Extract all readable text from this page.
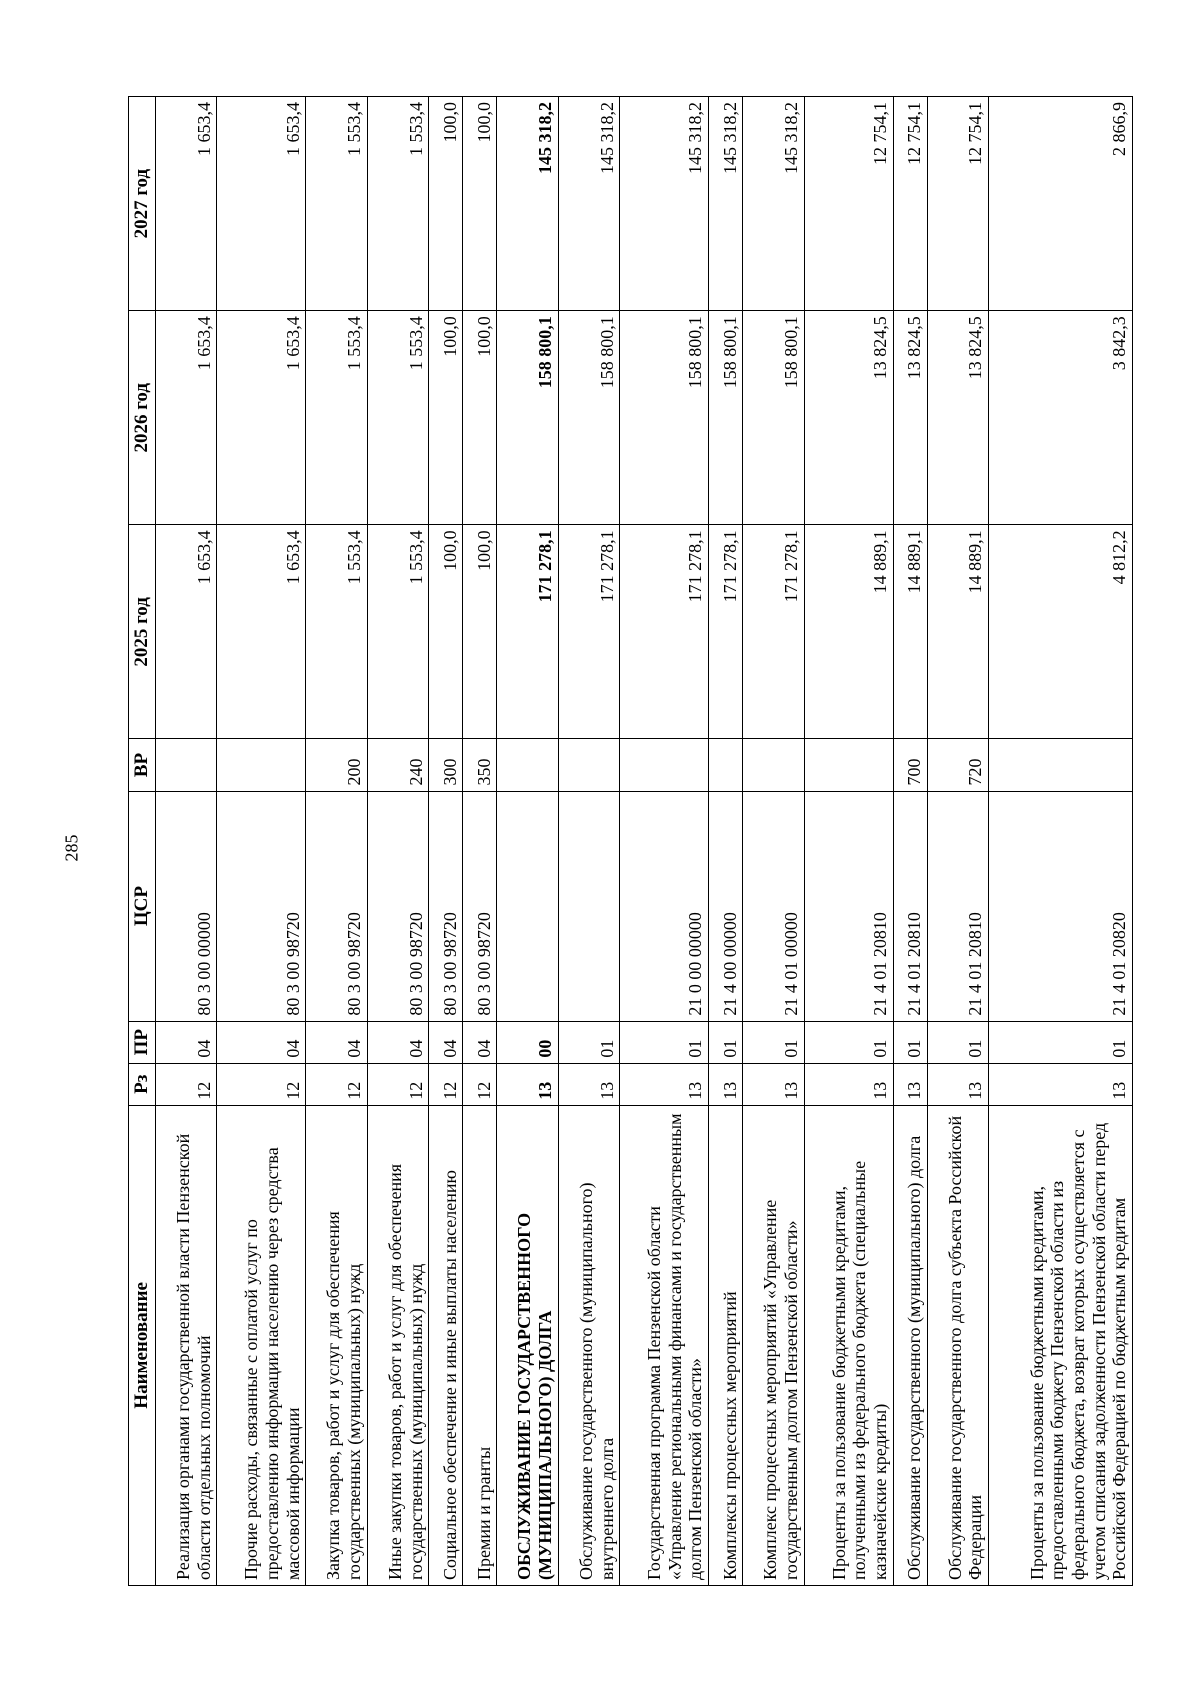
285
Наименование	Рз	ПР	ЦСР	ВР	2025 год	2026 год	2027 год
Реализация органами государственной власти Пензенской области отдельных полномочий	12	04	80 3 00 00000		1 653,4	1 653,4	1 653,4
Прочие расходы, связанные с оплатой услуг по предоставлению информации населению через средства массовой информации	12	04	80 3 00 98720		1 653,4	1 653,4	1 653,4
Закупка товаров, работ и услуг для обеспечения государственных (муниципальных) нужд	12	04	80 3 00 98720	200	1 553,4	1 553,4	1 553,4
Иные закупки товаров, работ и услуг для обеспечения государственных (муниципальных) нужд	12	04	80 3 00 98720	240	1 553,4	1 553,4	1 553,4
Социальное обеспечение и иные выплаты населению	12	04	80 3 00 98720	300	100,0	100,0	100,0
Премии и гранты	12	04	80 3 00 98720	350	100,0	100,0	100,0
ОБСЛУЖИВАНИЕ ГОСУДАРСТВЕННОГО (МУНИЦИПАЛЬНОГО) ДОЛГА	13	00			171 278,1	158 800,1	145 318,2
Обслуживание государственного (муниципального) внутреннего долга	13	01			171 278,1	158 800,1	145 318,2
Государственная программа Пензенской области «Управление региональными финансами и государственным долгом Пензенской области»	13	01	21 0 00 00000		171 278,1	158 800,1	145 318,2
Комплексы процессных мероприятий	13	01	21 4 00 00000		171 278,1	158 800,1	145 318,2
Комплекс процессных мероприятий «Управление государственным долгом Пензенской области»	13	01	21 4 01 00000		171 278,1	158 800,1	145 318,2
Проценты за пользование бюджетными кредитами, полученными из федерального бюджета (специальные казначейские кредиты)	13	01	21 4 01 20810		14 889,1	13 824,5	12 754,1
Обслуживание государственного (муниципального) долга	13	01	21 4 01 20810	700	14 889,1	13 824,5	12 754,1
Обслуживание государственного долга субъекта Российской Федерации	13	01	21 4 01 20810	720	14 889,1	13 824,5	12 754,1
Проценты за пользование бюджетными кредитами, предоставленными бюджету Пензенской области из федерального бюджета, возврат которых осуществляется с учетом списания задолженности Пензенской области перед Российской Федерацией по бюджетным кредитам	13	01	21 4 01 20820		4 812,2	3 842,3	2 866,9
